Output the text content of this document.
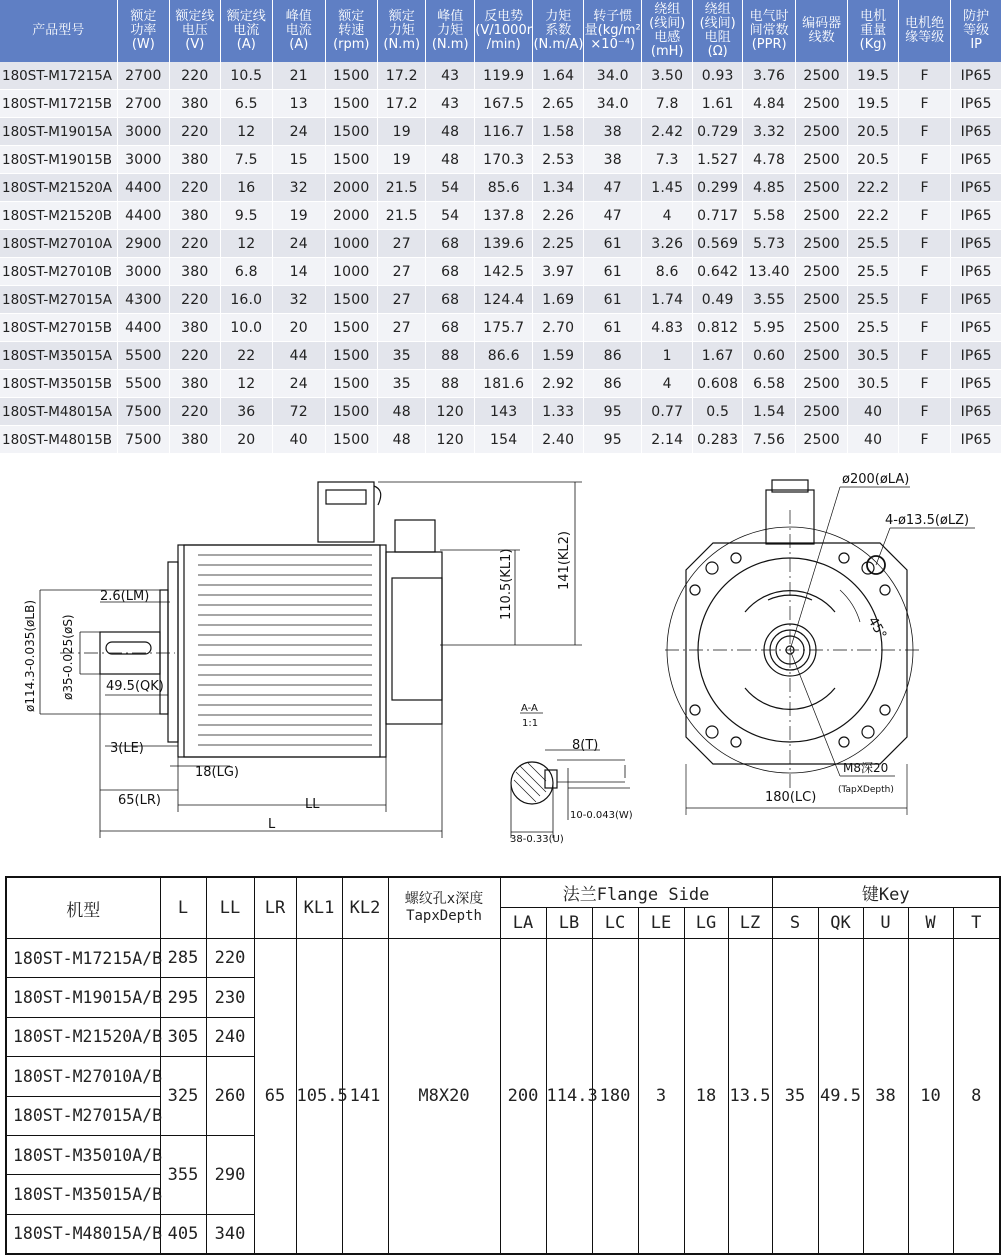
产品型号	额定
功率
(W)	额定线
电压
(V)	额定线
电流
(A)	峰值
电流
(A)	额定
转速
(rpm)	额定
力矩
(N.m)	峰值
力矩
(N.m)	反电势
(V/1000r
/min)	力矩
系数
(N.m/A)	转子惯
量(kg/m²
×10⁻⁴)	绕组
(线间)
电感
(mH)	绕组
(线间)
电阻
(Ω)	电气时
间常数
(PPR)	编码器
线数	电机
重量
(Kg)	电机绝
缘等级	防护
等级
IP
180ST-M17215A	2700	220	10.5	21	1500	17.2	43	119.9	1.64	34.0	3.50	0.93	3.76	2500	19.5	F	IP65
180ST-M17215B	2700	380	6.5	13	1500	17.2	43	167.5	2.65	34.0	7.8	1.61	4.84	2500	19.5	F	IP65
180ST-M19015A	3000	220	12	24	1500	19	48	116.7	1.58	38	2.42	0.729	3.32	2500	20.5	F	IP65
180ST-M19015B	3000	380	7.5	15	1500	19	48	170.3	2.53	38	7.3	1.527	4.78	2500	20.5	F	IP65
180ST-M21520A	4400	220	16	32	2000	21.5	54	85.6	1.34	47	1.45	0.299	4.85	2500	22.2	F	IP65
180ST-M21520B	4400	380	9.5	19	2000	21.5	54	137.8	2.26	47	4	0.717	5.58	2500	22.2	F	IP65
180ST-M27010A	2900	220	12	24	1000	27	68	139.6	2.25	61	3.26	0.569	5.73	2500	25.5	F	IP65
180ST-M27010B	3000	380	6.8	14	1000	27	68	142.5	3.97	61	8.6	0.642	13.40	2500	25.5	F	IP65
180ST-M27015A	4300	220	16.0	32	1500	27	68	124.4	1.69	61	1.74	0.49	3.55	2500	25.5	F	IP65
180ST-M27015B	4400	380	10.0	20	1500	27	68	175.7	2.70	61	4.83	0.812	5.95	2500	25.5	F	IP65
180ST-M35015A	5500	220	22	44	1500	35	88	86.6	1.59	86	1	1.67	0.60	2500	30.5	F	IP65
180ST-M35015B	5500	380	12	24	1500	35	88	181.6	2.92	86	4	0.608	6.58	2500	30.5	F	IP65
180ST-M48015A	7500	220	36	72	1500	48	120	143	1.33	95	0.77	0.5	1.54	2500	40	F	IP65
180ST-M48015B	7500	380	20	40	1500	48	120	154	2.40	95	2.14	0.283	7.56	2500	40	F	IP65
2.6(LM)
ø114.3-0.035(øLB) ø35-0.025(øS) 49.5(QK)
3(LE)
18(LG)
65(LR)	LL
L
110.5(KL1)	141(KL2)
A-A
1:1
8(T)
10-0.043(W)
38-0.33(U)
ø200(øLA)
4-ø13.5(øLZ)
45°
M8深20
(TapXDepth)
180(LC)
机型	L	LL	LR	KL1	KL2	螺纹孔x深度
TapxDepth	法兰Flange Side						键Key				
							LA	LB	LC	LE	LG	LZ	S	QK	U	W	T
180ST-M17215A/B	285	220	65	105.5	141	M8X20	200	114.3	180	3	18	13.5	35	49.5	38	10	8
180ST-M19015A/B	295	230															
180ST-M21520A/B	305	240															
180ST-M27010A/B	325	260															
180ST-M27015A/B																	
180ST-M35010A/B	355	290															
180ST-M35015A/B																	
180ST-M48015A/B	405	340															
